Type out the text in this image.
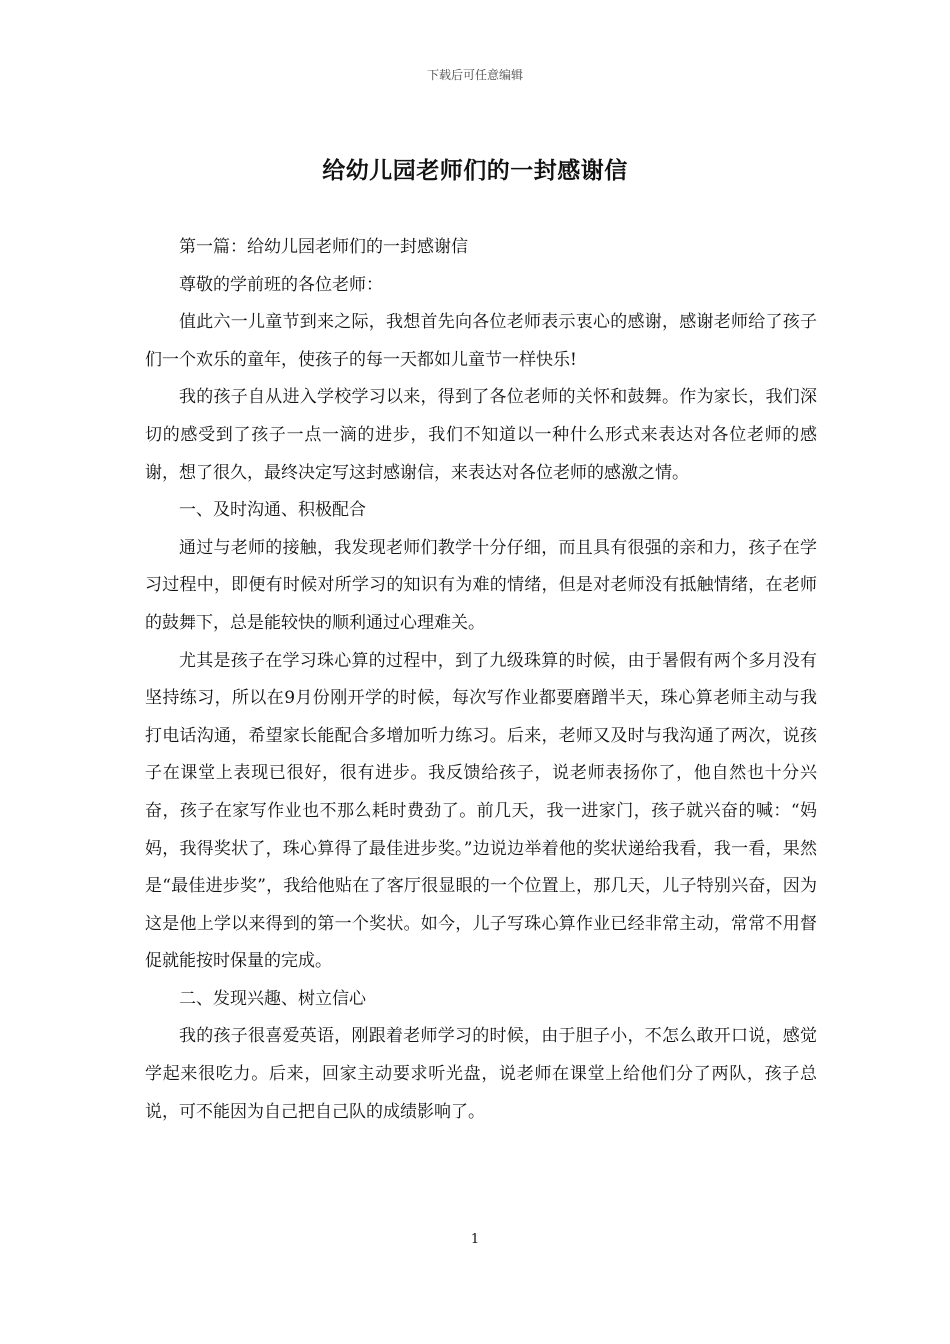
下载后可任意编辑
给幼儿园老师们的一封感谢信

第一篇：给幼儿园老师们的一封感谢信

尊敬的学前班的各位老师：

值此六一儿童节到来之际，我想首先向各位老师表示衷心的感谢，感谢老师给了孩子们一个欢乐的童年，使孩子的每一天都如儿童节一样快乐!

我的孩子自从进入学校学习以来，得到了各位老师的关怀和鼓舞。作为家长，我们深切的感受到了孩子一点一滴的进步，我们不知道以一种什么形式来表达对各位老师的感谢，想了很久，最终决定写这封感谢信，来表达对各位老师的感激之情。

一、及时沟通、积极配合

通过与老师的接触，我发现老师们教学十分仔细，而且具有很强的亲和力，孩子在学习过程中，即便有时候对所学习的知识有为难的情绪，但是对老师没有抵触情绪，在老师的鼓舞下，总是能较快的顺利通过心理难关。

尤其是孩子在学习珠心算的过程中，到了九级珠算的时候，由于暑假有两个多月没有坚持练习，所以在9月份刚开学的时候，每次写作业都要磨蹭半天，珠心算老师主动与我打电话沟通，希望家长能配合多增加听力练习。后来，老师又及时与我沟通了两次，说孩子在课堂上表现已很好，很有进步。我反馈给孩子，说老师表扬你了，他自然也十分兴奋，孩子在家写作业也不那么耗时费劲了。前几天，我一进家门，孩子就兴奋的喊：“妈妈，我得奖状了，珠心算得了最佳进步奖。”边说边举着他的奖状递给我看，我一看，果然是“最佳进步奖”，我给他贴在了客厅很显眼的一个位置上，那几天，儿子特别兴奋，因为这是他上学以来得到的第一个奖状。如今，儿子写珠心算作业已经非常主动，常常不用督促就能按时保量的完成。

二、发现兴趣、树立信心

我的孩子很喜爱英语，刚跟着老师学习的时候，由于胆子小，不怎么敢开口说，感觉学起来很吃力。后来，回家主动要求听光盘，说老师在课堂上给他们分了两队，孩子总说，可不能因为自己把自己队的成绩影响了。

1
